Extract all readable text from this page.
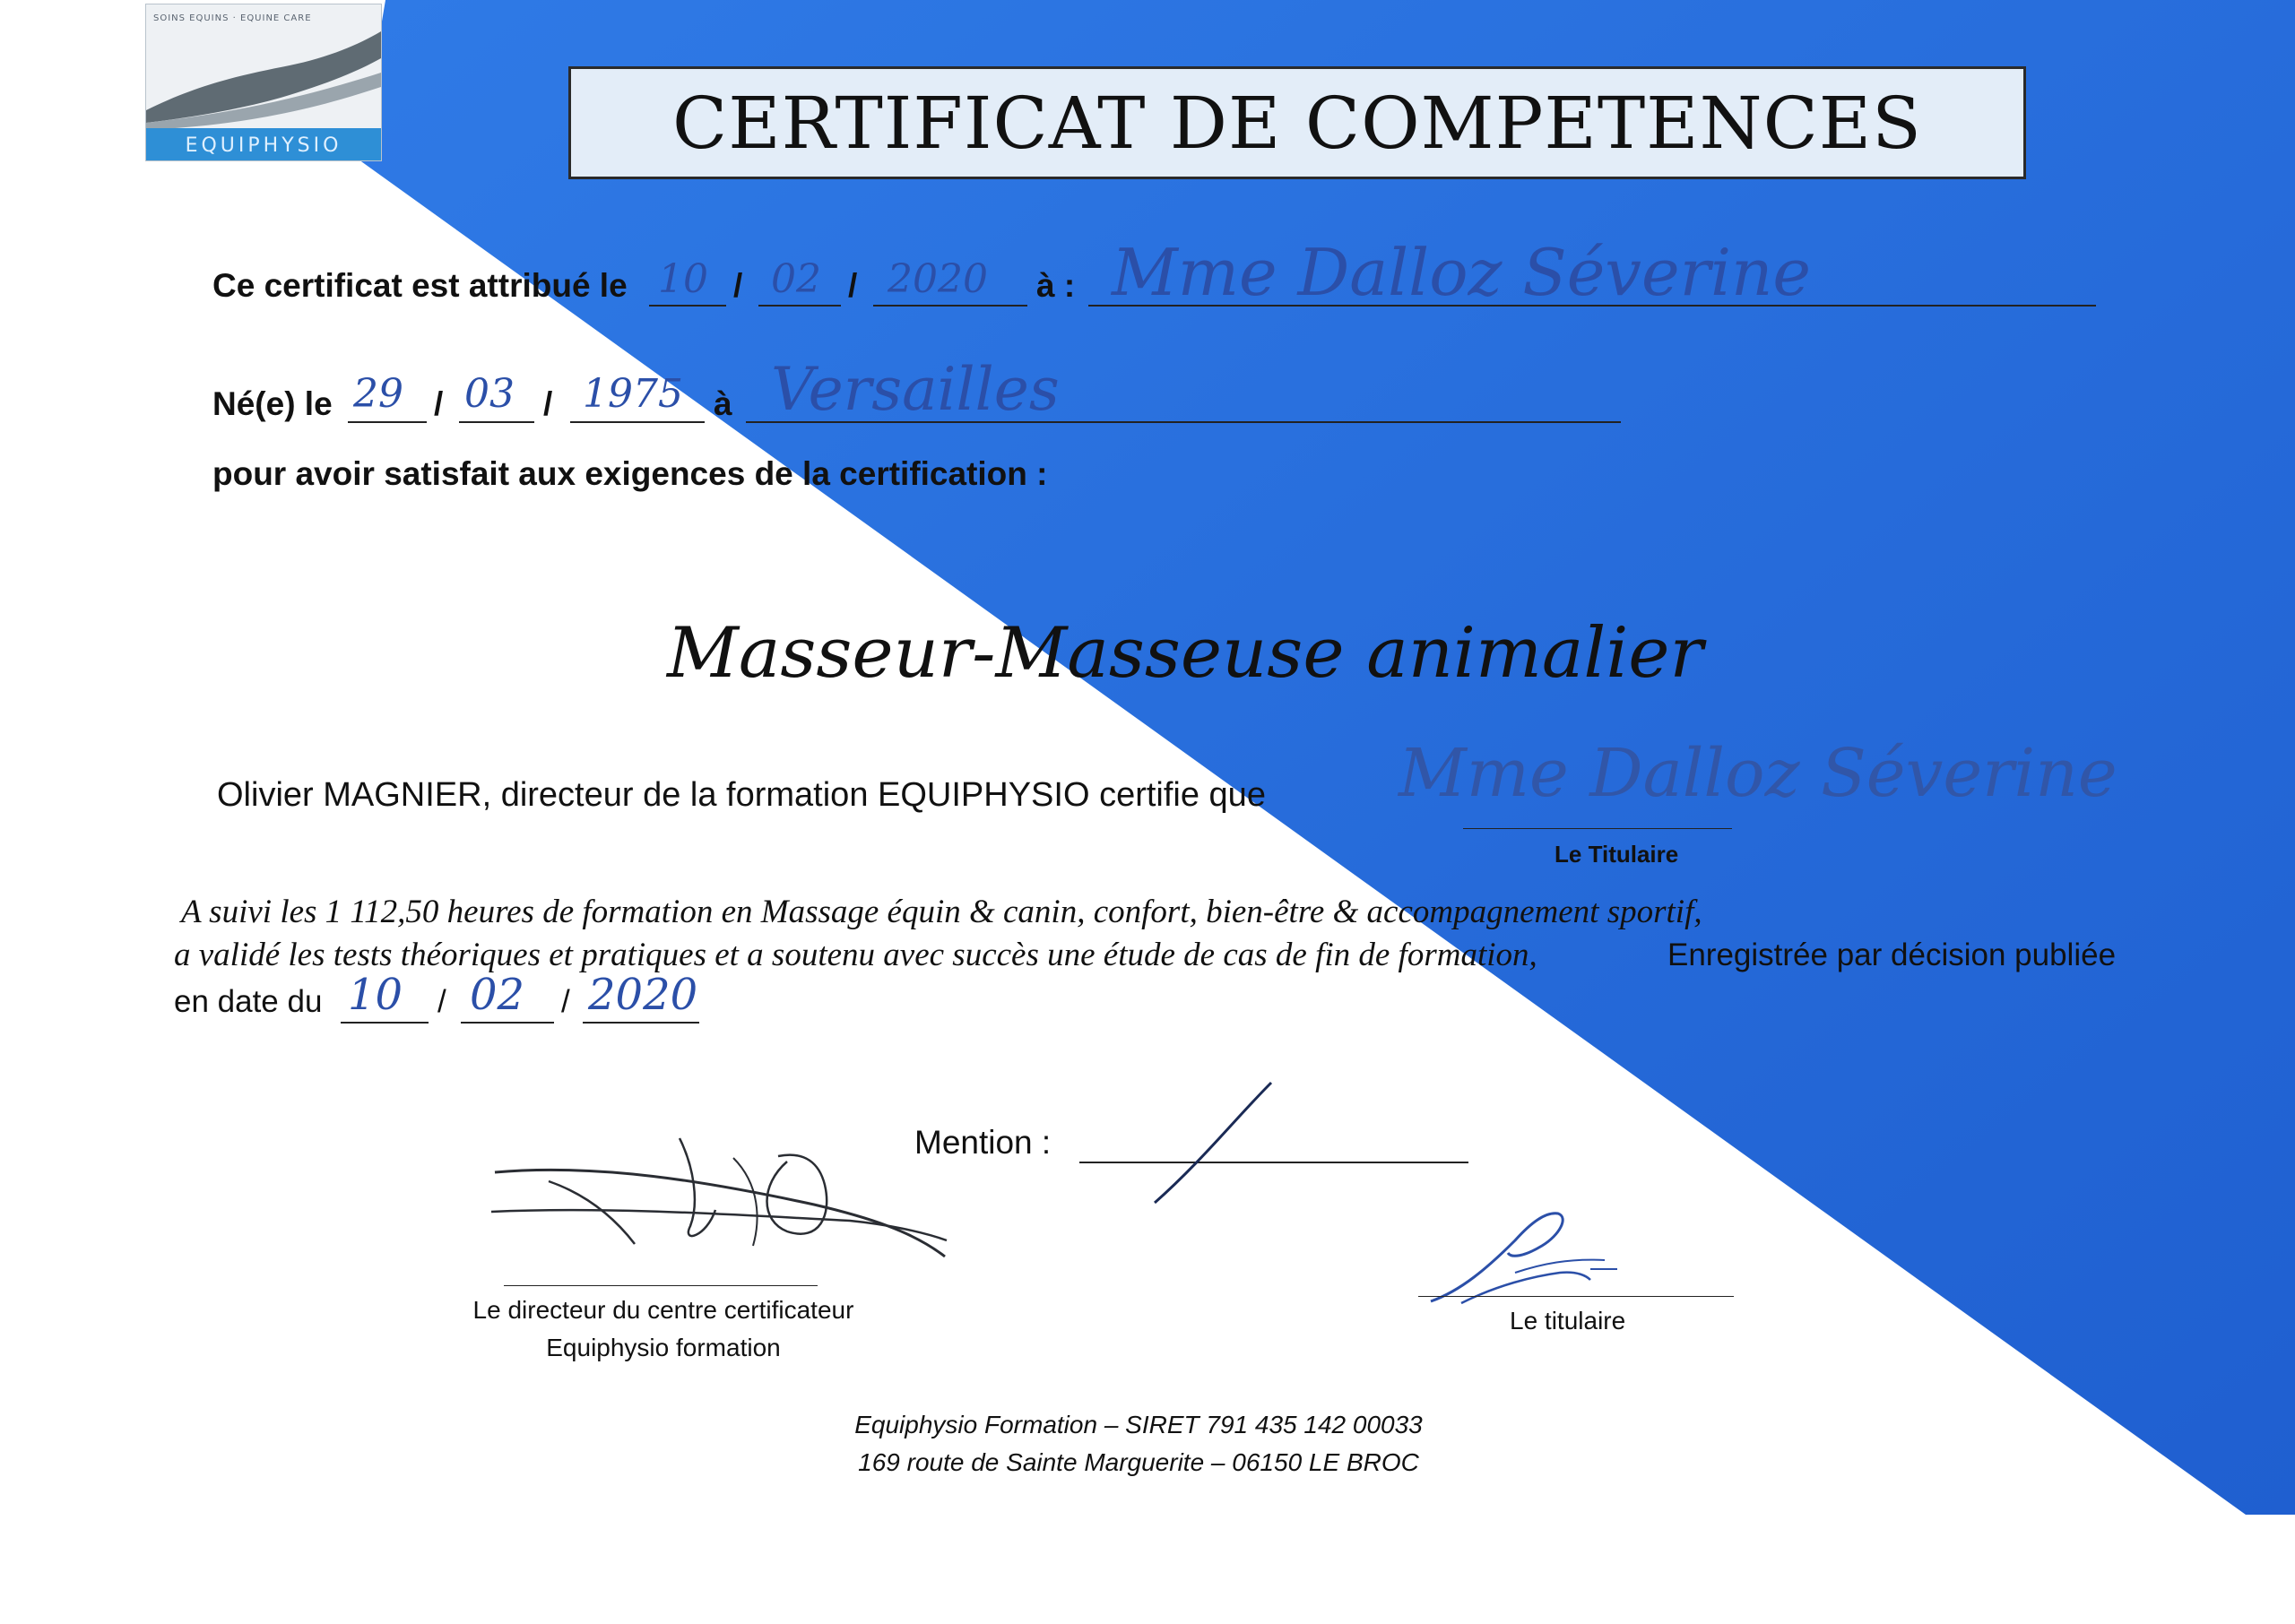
SOINS EQUINS · EQUINE CARE
EQUIPHYSIO	CERTIFICAT DE COMPETENCES
Ce certificat est attribué le 10 / 02 / 2020 à : Mme Dalloz Séverine
Né(e) le 29 / 03 / 1975 à Versailles
pour avoir satisfait aux exigences de la certification :
Masseur-Masseuse animalier
Olivier MAGNIER, directeur de la formation EQUIPHYSIO certifie que Mme Dalloz Séverine
Le Titulaire
A suivi les 1 112,50 heures de formation en Massage équin & canin, confort, bien-être & accompagnement sportif,
a validé les tests théoriques et pratiques et a soutenu avec succès une étude de cas de fin de formation,	Enregistrée par décision publiée
en date du 10 / 02 / 2020
Mention :
Le directeur du centre certificateur
Equiphysio formation
Le titulaire
Equiphysio Formation – SIRET 791 435 142 00033
169 route de Sainte Marguerite – 06150 LE BROC
